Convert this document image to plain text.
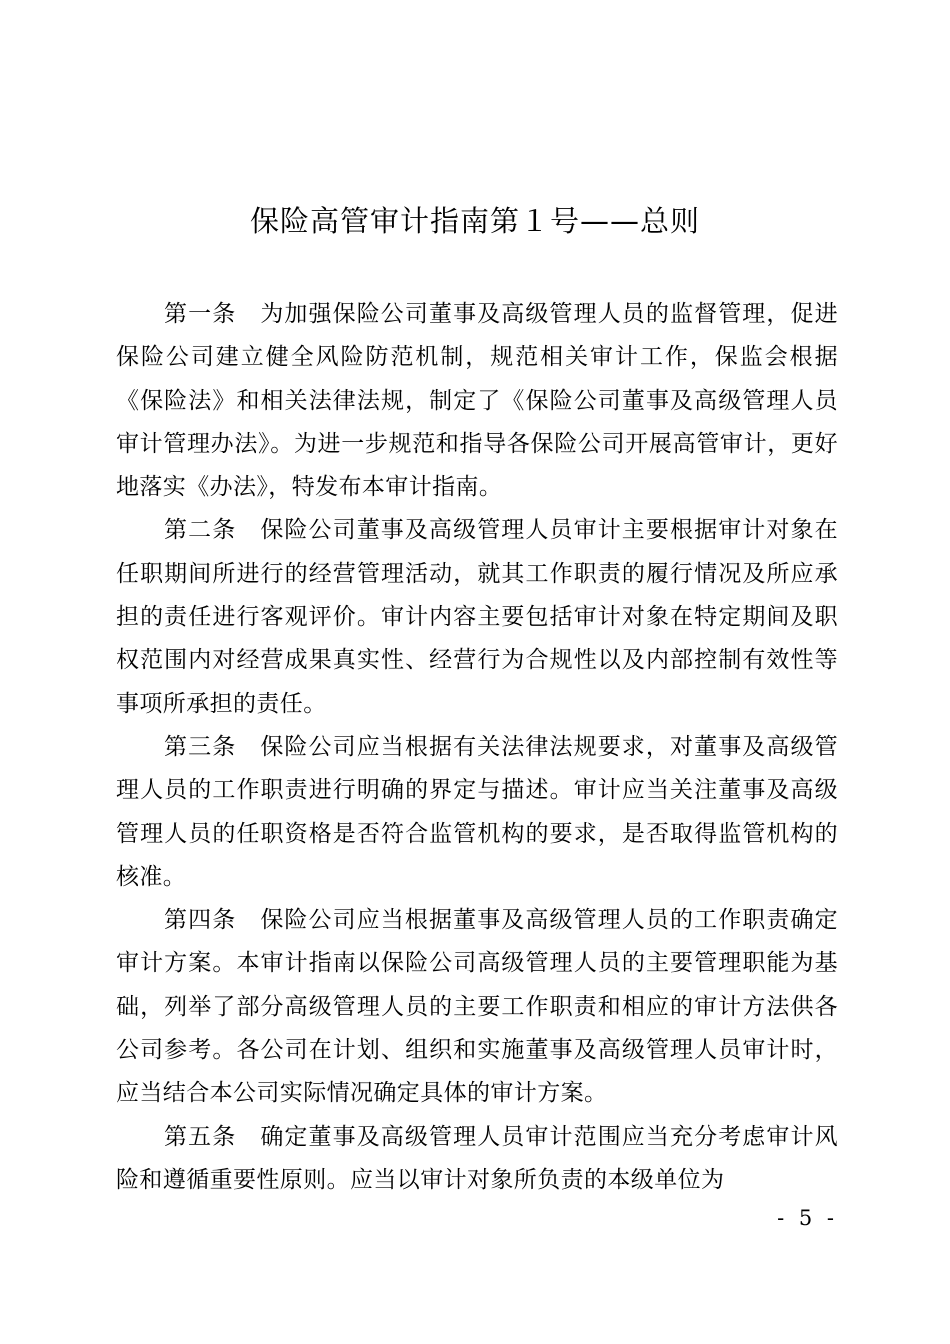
保险高管审计指南第１号——总则

第一条 为加强保险公司董事及高级管理人员的监督管理，促进保险公司建立健全风险防范机制，规范相关审计工作，保监会根据《保险法》和相关法律法规，制定了《保险公司董事及高级管理人员审计管理办法》。为进一步规范和指导各保险公司开展高管审计，更好地落实《办法》，特发布本审计指南。

第二条 保险公司董事及高级管理人员审计主要根据审计对象在任职期间所进行的经营管理活动，就其工作职责的履行情况及所应承担的责任进行客观评价。审计内容主要包括审计对象在特定期间及职权范围内对经营成果真实性、经营行为合规性以及内部控制有效性等事项所承担的责任。

第三条 保险公司应当根据有关法律法规要求，对董事及高级管理人员的工作职责进行明确的界定与描述。审计应当关注董事及高级管理人员的任职资格是否符合监管机构的要求，是否取得监管机构的核准。

第四条 保险公司应当根据董事及高级管理人员的工作职责确定审计方案。本审计指南以保险公司高级管理人员的主要管理职能为基础，列举了部分高级管理人员的主要工作职责和相应的审计方法供各公司参考。各公司在计划、组织和实施董事及高级管理人员审计时，应当结合本公司实际情况确定具体的审计方案。

第五条 确定董事及高级管理人员审计范围应当充分考虑审计风险和遵循重要性原则。应当以审计对象所负责的本级单位为

- 5 -
